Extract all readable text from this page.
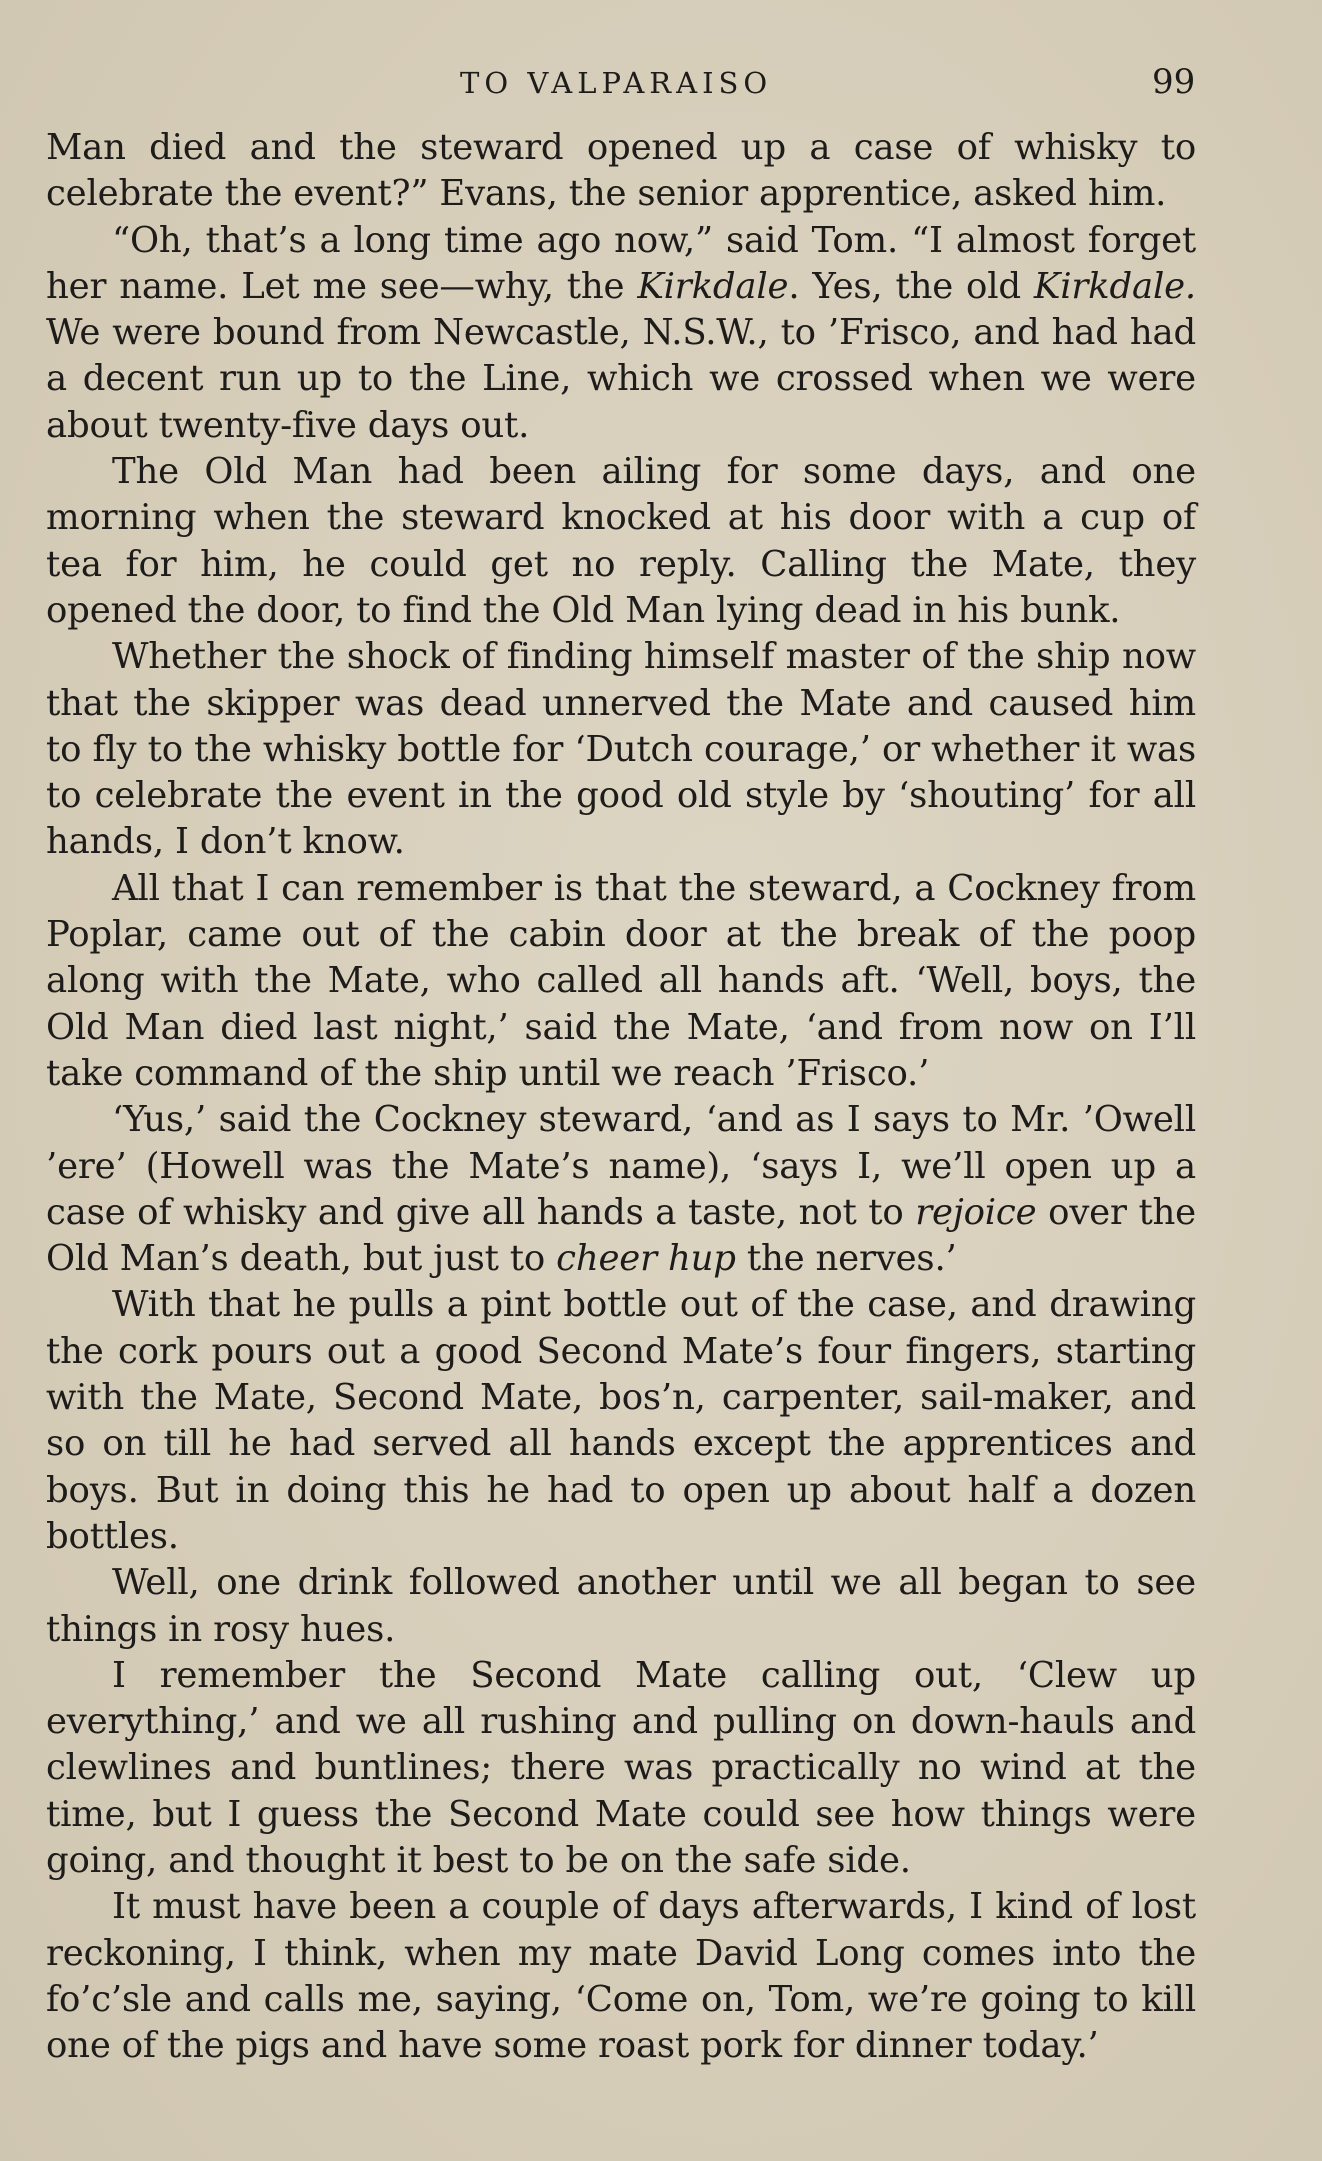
TO VALPARAISO	99

Man died and the steward opened up a case of whisky to celebrate the event?” Evans, the senior apprentice, asked him.

“Oh, that’s a long time ago now,” said Tom. “I almost forget her name. Let me see—why, the Kirkdale. Yes, the old Kirkdale. We were bound from Newcastle, N.S.W., to ’Frisco, and had had a decent run up to the Line, which we crossed when we were about twenty-five days out.

The Old Man had been ailing for some days, and one morning when the steward knocked at his door with a cup of tea for him, he could get no reply. Calling the Mate, they opened the door, to find the Old Man lying dead in his bunk.

Whether the shock of finding himself master of the ship now that the skipper was dead unnerved the Mate and caused him to fly to the whisky bottle for ‘Dutch courage,’ or whether it was to celebrate the event in the good old style by ‘shouting’ for all hands, I don’t know.

All that I can remember is that the steward, a Cockney from Poplar, came out of the cabin door at the break of the poop along with the Mate, who called all hands aft. ‘Well, boys, the Old Man died last night,’ said the Mate, ‘and from now on I’ll take command of the ship until we reach ’Frisco.’

‘Yus,’ said the Cockney steward, ‘and as I says to Mr. ’Owell ’ere’ (Howell was the Mate’s name), ‘says I, we’ll open up a case of whisky and give all hands a taste, not to rejoice over the Old Man’s death, but just to cheer hup the nerves.’

With that he pulls a pint bottle out of the case, and drawing the cork pours out a good Second Mate’s four fingers, starting with the Mate, Second Mate, bos’n, carpenter, sail-maker, and so on till he had served all hands except the apprentices and boys. But in doing this he had to open up about half a dozen bottles.

Well, one drink followed another until we all began to see things in rosy hues.

I remember the Second Mate calling out, ‘Clew up everything,’ and we all rushing and pulling on down-hauls and clewlines and buntlines; there was practically no wind at the time, but I guess the Second Mate could see how things were going, and thought it best to be on the safe side.

It must have been a couple of days afterwards, I kind of lost reckoning, I think, when my mate David Long comes into the fo’c’sle and calls me, saying, ‘Come on, Tom, we’re going to kill one of the pigs and have some roast pork for dinner today.’
